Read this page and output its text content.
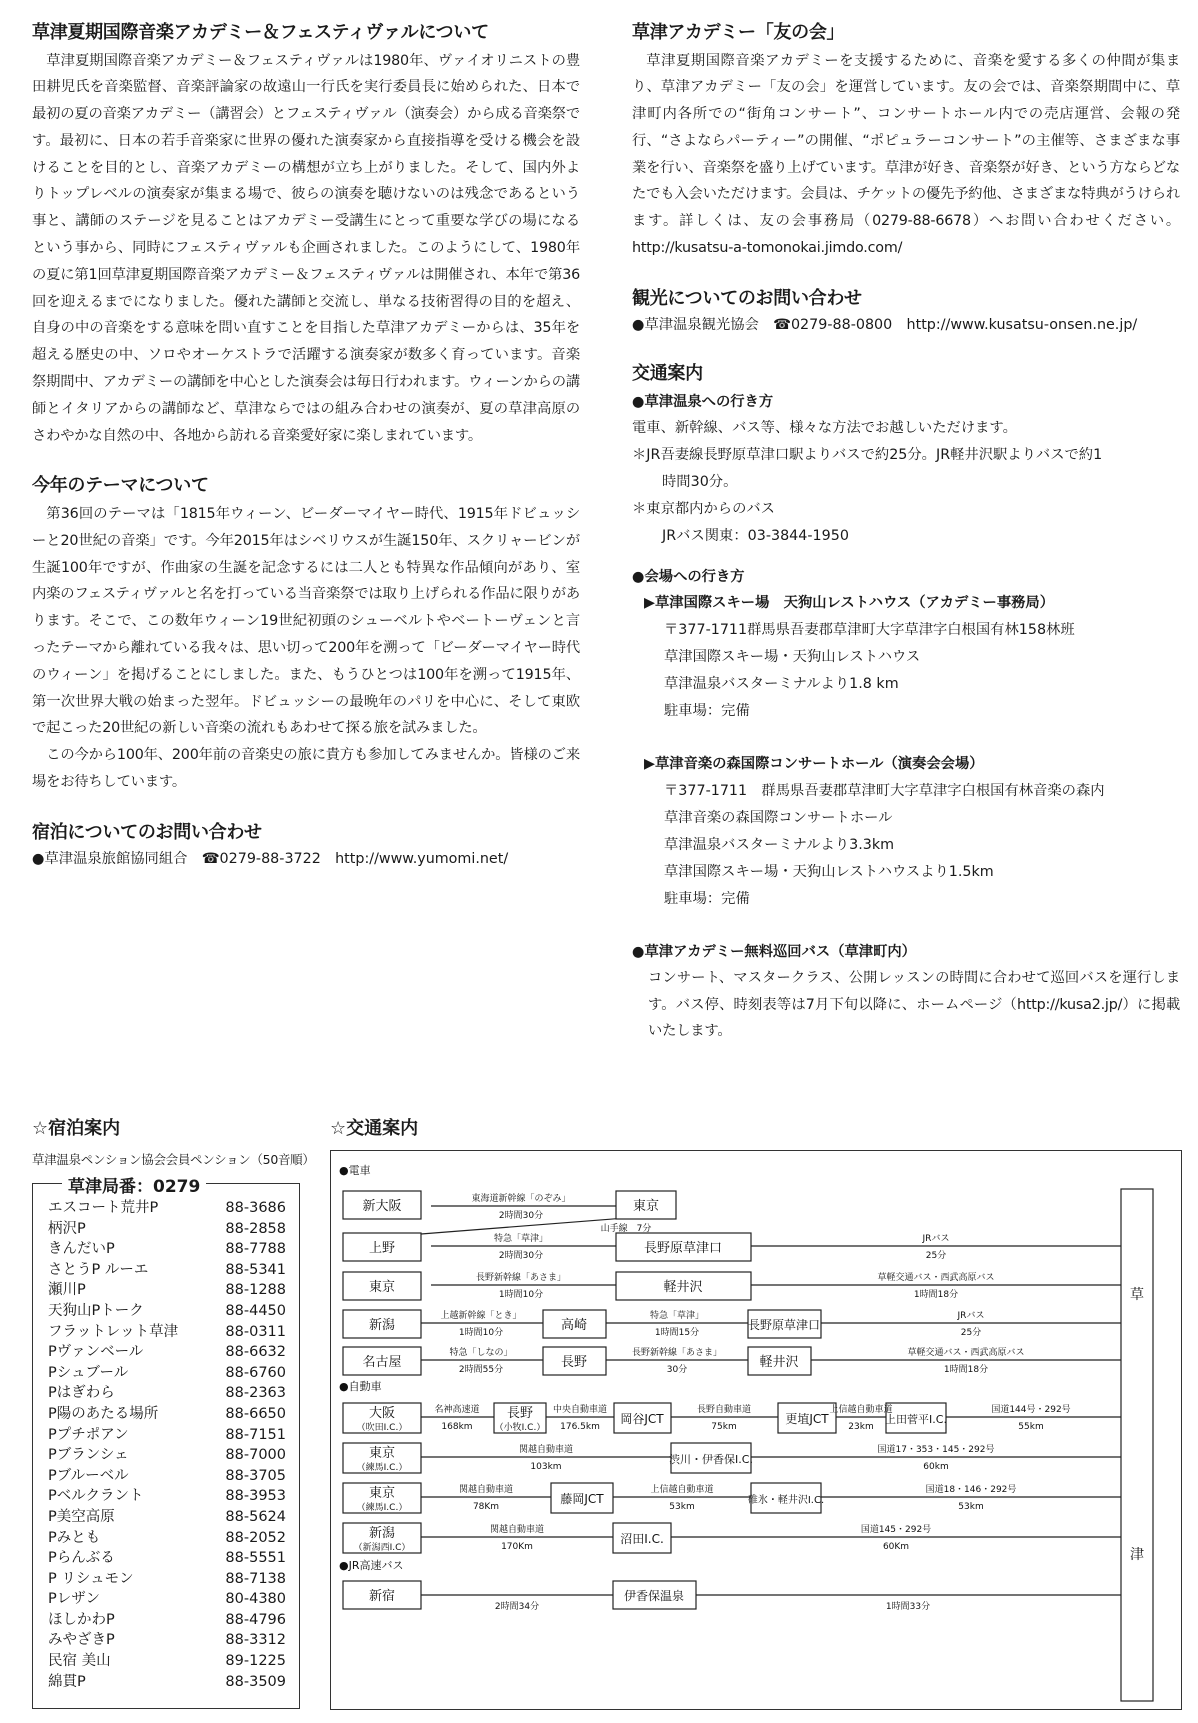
草津夏期国際音楽アカデミー＆フェスティヴァルについて

草津夏期国際音楽アカデミー＆フェスティヴァルは1980年、ヴァイオリニストの豊田耕児氏を音楽監督、音楽評論家の故遠山一行氏を実行委員長に始められた、日本で最初の夏の音楽アカデミー（講習会）とフェスティヴァル（演奏会）から成る音楽祭です。最初に、日本の若手音楽家に世界の優れた演奏家から直接指導を受ける機会を設けることを目的とし、音楽アカデミーの構想が立ち上がりました。そして、国内外よりトップレベルの演奏家が集まる場で、彼らの演奏を聴けないのは残念であるという事と、講師のステージを見ることはアカデミー受講生にとって重要な学びの場になるという事から、同時にフェスティヴァルも企画されました。このようにして、1980年の夏に第1回草津夏期国際音楽アカデミー＆フェスティヴァルは開催され、本年で第36回を迎えるまでになりました。優れた講師と交流し、単なる技術習得の目的を超え、自身の中の音楽をする意味を問い直すことを目指した草津アカデミーからは、35年を超える歴史の中、ソロやオーケストラで活躍する演奏家が数多く育っています。音楽祭期間中、アカデミーの講師を中心とした演奏会は毎日行われます。ウィーンからの講師とイタリアからの講師など、草津ならではの組み合わせの演奏が、夏の草津高原のさわやかな自然の中、各地から訪れる音楽愛好家に楽しまれています。

今年のテーマについて

第36回のテーマは「1815年ウィーン、ビーダーマイヤー時代、1915年ドビュッシーと20世紀の音楽」です。今年2015年はシベリウスが生誕150年、スクリャービンが生誕100年ですが、作曲家の生誕を記念するには二人とも特異な作品傾向があり、室内楽のフェスティヴァルと名を打っている当音楽祭では取り上げられる作品に限りがあります。そこで、この数年ウィーン19世紀初頭のシューベルトやベートーヴェンと言ったテーマから離れている我々は、思い切って200年を溯って「ビーダーマイヤー時代のウィーン」を掲げることにしました。また、もうひとつは100年を溯って1915年、第一次世界大戦の始まった翌年。ドビュッシーの最晩年のパリを中心に、そして東欧で起こった20世紀の新しい音楽の流れもあわせて探る旅を試みました。

この今から100年、200年前の音楽史の旅に貴方も参加してみませんか。皆様のご来場をお待ちしています。

宿泊についてのお問い合わせ

●草津温泉旅館協同組合　☎0279-88-3722　http://www.yumomi.net/

草津アカデミー「友の会」

草津夏期国際音楽アカデミーを支援するために、音楽を愛する多くの仲間が集まり、草津アカデミー「友の会」を運営しています。友の会では、音楽祭期間中に、草津町内各所での“街角コンサート”、コンサートホール内での売店運営、会報の発行、“さよならパーティー”の開催、“ポピュラーコンサート”の主催等、さまざまな事業を行い、音楽祭を盛り上げています。草津が好き、音楽祭が好き、という方ならどなたでも入会いただけます。会員は、チケットの優先予約他、さまざまな特典がうけられます。詳しくは、友の会事務局（0279-88-6678）へお問い合わせください。http://kusatsu-a-tomonokai.jimdo.com/

観光についてのお問い合わせ

●草津温泉観光協会　☎0279-88-0800　http://www.kusatsu-onsen.ne.jp/

交通案内

●草津温泉への行き方

電車、新幹線、バス等、様々な方法でお越しいただけます。

＊JR吾妻線長野原草津口駅よりバスで約25分。JR軽井沢駅よりバスで約1

時間30分。

＊東京都内からのバス

JRバス関東：03-3844-1950

●会場への行き方

▶草津国際スキー場　天狗山レストハウス（アカデミー事務局）

〒377-1711群馬県吾妻郡草津町大字草津字白根国有林158林班

草津国際スキー場・天狗山レストハウス

草津温泉バスターミナルより1.8 km

駐車場：完備

▶草津音楽の森国際コンサートホール（演奏会会場）

〒377-1711　群馬県吾妻郡草津町大字草津字白根国有林音楽の森内

草津音楽の森国際コンサートホール

草津温泉バスターミナルより3.3km

草津国際スキー場・天狗山レストハウスより1.5km

駐車場：完備

●草津アカデミー無料巡回バス（草津町内）

コンサート、マスタークラス、公開レッスンの時間に合わせて巡回バスを運行します。バス停、時刻表等は7月下旬以降に、ホームページ（http://kusa2.jp/）に掲載いたします。

☆宿泊案内
草津温泉ペンション協会会員ペンション（50音順）
草津局番：0279
エスコート荒井P	88-3686
柄沢P	88-2858
きんだいP	88-7788
さとうP ルーエ	88-5341
瀬川P	88-1288
天狗山Pトーク	88-4450
フラットレット草津	88-0311
Pヴァンベール	88-6632
Pシュブール	88-6760
Pはぎわら	88-2363
P陽のあたる場所	88-6650
Pプチポアン	88-7151
Pブランシェ	88-7000
Pブルーベル	88-3705
Pベルクラント	88-3953
P美空高原	88-5624
Pみとも	88-2052
Pらんぶる	88-5551
P リシュモン	88-7138
Pレザン	80-4380
ほしかわP	88-4796
みやざきP	88-3312
民宿 美山	89-1225
綿貫P	88-3509
☆交通案内
●電車
●自動車
●JR高速バス
草
津
新大阪	東京
上野	長野原草津口
東京	軽井沢
新潟	高崎	長野原草津口
名古屋	長野	軽井沢
大阪
（吹田I.C.）
長野
（小牧I.C.）
岡谷JCT	更埴JCT	上田菅平I.C.
東京
（練馬I.C.）
渋川・伊香保I.C.
東京
（練馬I.C.）
藤岡JCT	碓氷・軽井沢I.C.
新潟
（新潟西I.C）
沼田I.C.
新宿	伊香保温泉
東海道新幹線「のぞみ」
2時間30分
山手線　7分
特急「草津」
2時間30分
JRバス
25分
長野新幹線「あさま」
1時間10分
草軽交通バス・西武高原バス
1時間18分
上越新幹線「とき」
1時間10分
特急「草津」
1時間15分
JRバス
25分
特急「しなの」
2時間55分
長野新幹線「あさま」
30分
草軽交通バス・西武高原バス
1時間18分
名神高速道
168km
中央自動車道
176.5km
長野自動車道
75km
上信越自動車道
23km
国道144号・292号
55km
関越自動車道
103km
国道17・353・145・292号
60km
関越自動車道
78Km
上信越自動車道
53km
国道18・146・292号
53km
関越自動車道
170Km
国道145・292号
60Km
2時間34分	1時間33分
